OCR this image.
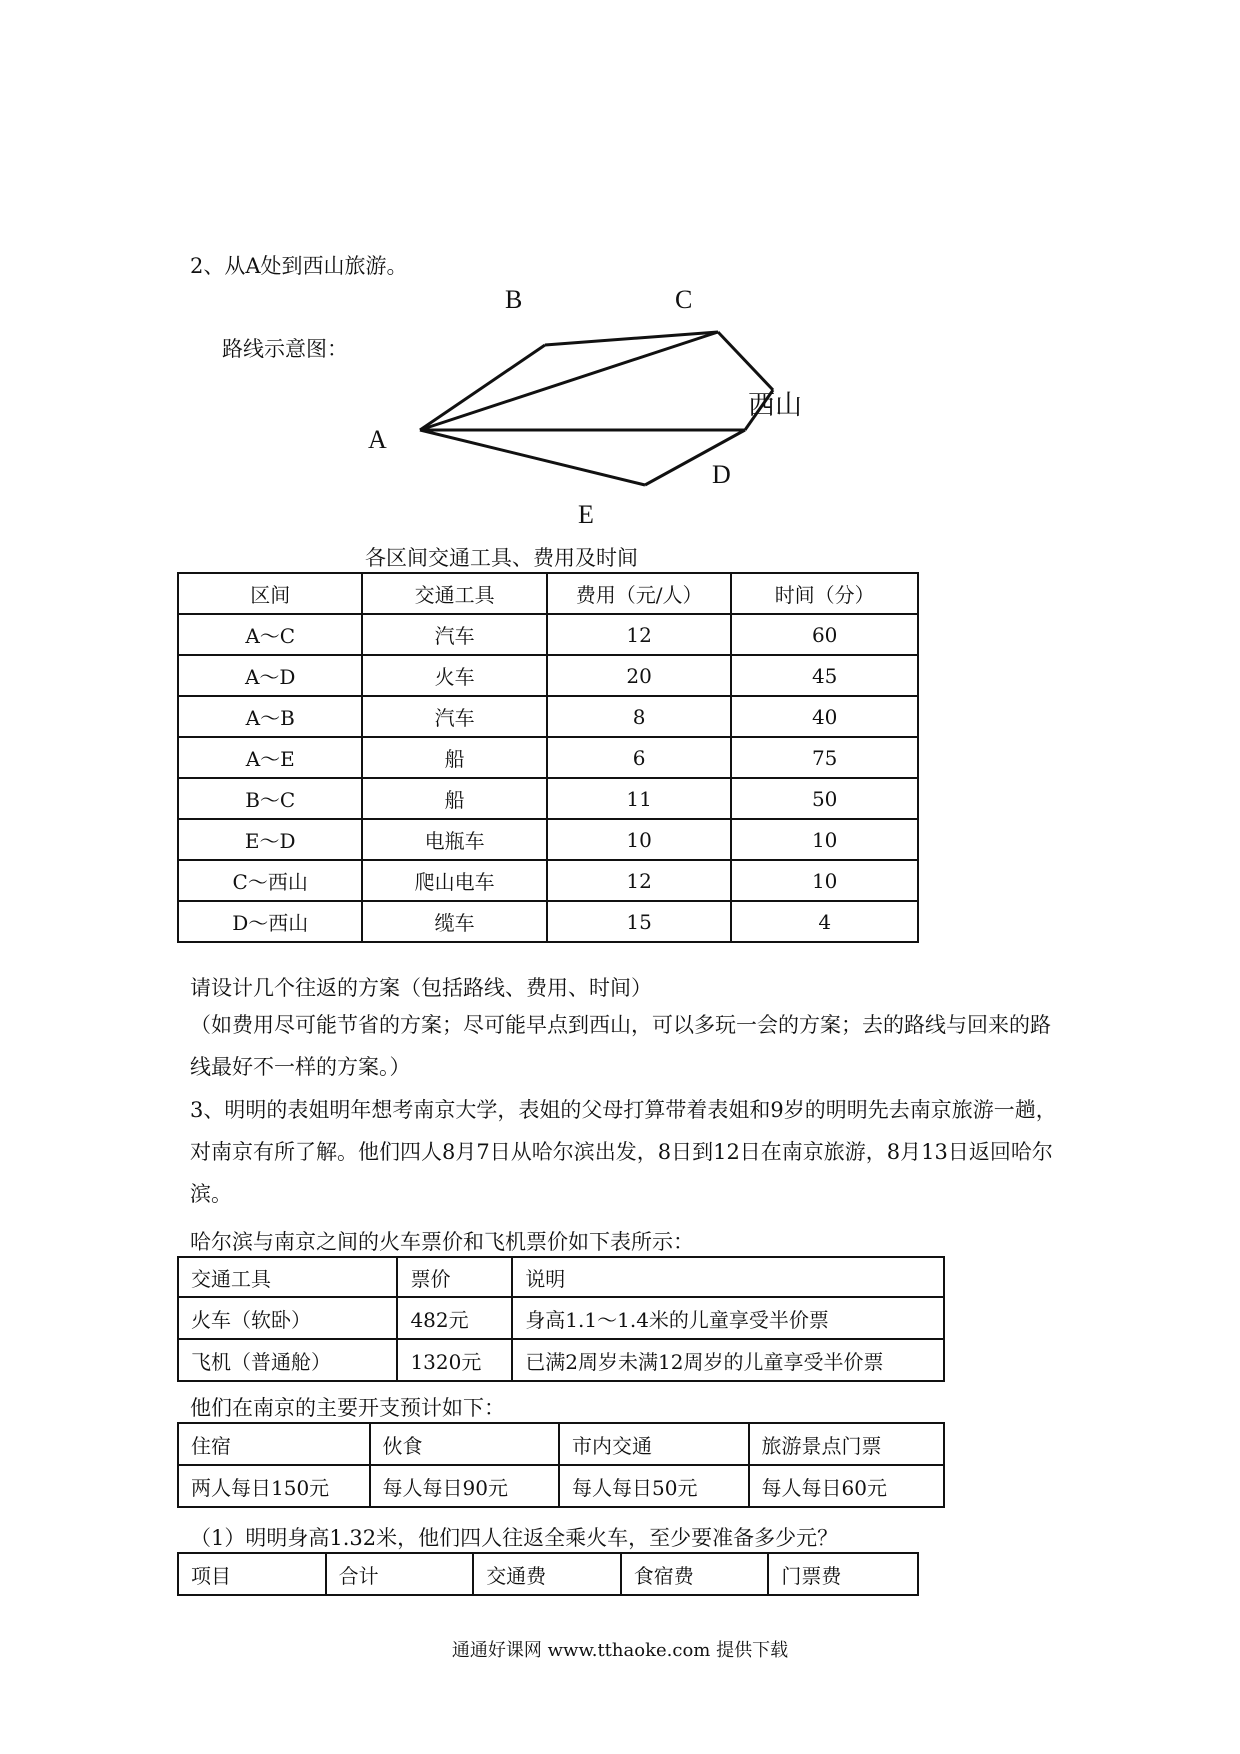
2、从A处到西山旅游。
路线示意图：
A
B	C
D
E
西山
各区间交通工具、费用及时间
区间	交通工具	费用（元/人）	时间（分）
A～C	汽车	12	60
A～D	火车	20	45
A～B	汽车	8	40
A～E	船	6	75
B～C	船	11	50
E～D	电瓶车	10	10
C～西山	爬山电车	12	10
D～西山	缆车	15	4
请设计几个往返的方案（包括路线、费用、时间）
（如费用尽可能节省的方案；尽可能早点到西山，可以多玩一会的方案；去的路线与回来的路线最好不一样的方案。）
3、明明的表姐明年想考南京大学，表姐的父母打算带着表姐和9岁的明明先去南京旅游一趟，对南京有所了解。他们四人8月7日从哈尔滨出发，8日到12日在南京旅游，8月13日返回哈尔滨。
哈尔滨与南京之间的火车票价和飞机票价如下表所示：
交通工具	票价	说明
火车（软卧）	482元	身高1.1～1.4米的儿童享受半价票
飞机（普通舱）	1320元	已满2周岁未满12周岁的儿童享受半价票
他们在南京的主要开支预计如下：
住宿	伙食	市内交通	旅游景点门票
两人每日150元	每人每日90元	每人每日50元	每人每日60元
（1）明明身高1.32米，他们四人往返全乘火车，至少要准备多少元？
项目	合计	交通费	食宿费	门票费
通通好课网 www.tthaoke.com 提供下载
